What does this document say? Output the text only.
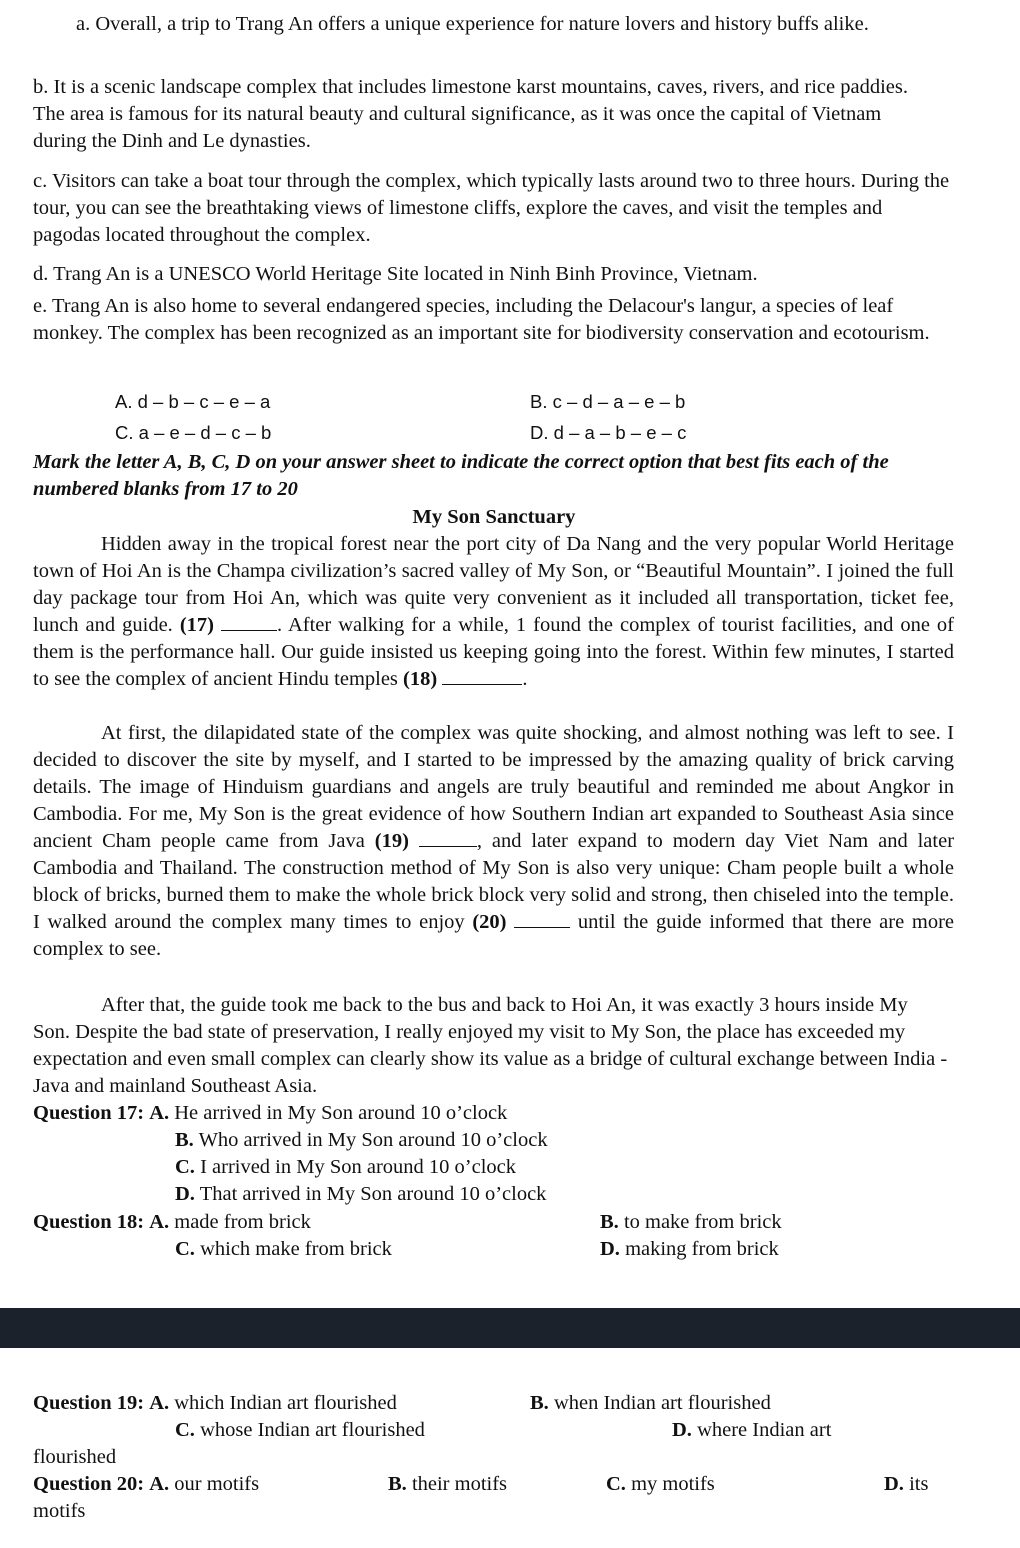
a. Overall, a trip to Trang An offers a unique experience for nature lovers and history buffs alike.
b. It is a scenic landscape complex that includes limestone karst mountains, caves, rivers, and rice paddies. The area is famous for its natural beauty and cultural significance, as it was once the capital of Vietnam during the Dinh and Le dynasties.
c. Visitors can take a boat tour through the complex, which typically lasts around two to three hours. During the tour, you can see the breathtaking views of limestone cliffs, explore the caves, and visit the temples and pagodas located throughout the complex.
d. Trang An is a UNESCO World Heritage Site located in Ninh Binh Province, Vietnam.
e. Trang An is also home to several endangered species, including the Delacour's langur, a species of leaf monkey. The complex has been recognized as an important site for biodiversity conservation and ecotourism.
A. d – b – c – e – a	B. c – d – a – e – b
C. a – e – d – c – b	D. d – a – b – e – c
Mark the letter A, B, C, D on your answer sheet to indicate the correct option that best fits each of the numbered blanks from 17 to 20
My Son Sanctuary
Hidden away in the tropical forest near the port city of Da Nang and the very popular World Heritage town of Hoi An is the Champa civilization’s sacred valley of My Son, or “Beautiful Mountain”. I joined the full day package tour from Hoi An, which was quite very convenient as it included all transportation, ticket fee, lunch and guide. (17)	. After walking for a while, 1 found the complex of tourist facilities, and one of them is the performance hall. Our guide insisted us keeping going into the forest. Within few minutes, I started to see the complex of ancient Hindu temples (18)	.
At first, the dilapidated state of the complex was quite shocking, and almost nothing was left to see. I decided to discover the site by myself, and I started to be impressed by the amazing quality of brick carving details. The image of Hinduism guardians and angels are truly beautiful and reminded me about Angkor in Cambodia. For me, My Son is the great evidence of how Southern Indian art expanded to Southeast Asia since ancient Cham people came from Java (19)	, and later expand to modern day Viet Nam and later Cambodia and Thailand. The construction method of My Son is also very unique: Cham people built a whole block of bricks, burned them to make the whole brick block very solid and strong, then chiseled into the temple. I walked around the complex many times to enjoy (20)	until the guide informed that there are more complex to see.
After that, the guide took me back to the bus and back to Hoi An, it was exactly 3 hours inside My Son. Despite the bad state of preservation, I really enjoyed my visit to My Son, the place has exceeded my expectation and even small complex can clearly show its value as a bridge of cultural exchange between India - Java and mainland Southeast Asia.
Question 17: A. He arrived in My Son around 10 o’clock
B. Who arrived in My Son around 10 o’clock
C. I arrived in My Son around 10 o’clock
D. That arrived in My Son around 10 o’clock
Question 18: A. made from brick	B. to make from brick
C. which make from brick	D. making from brick
Question 19: A. which Indian art flourished	B. when Indian art flourished
C. whose Indian art flourished	D. where Indian art
flourished
Question 20: A. our motifs	B. their motifs	C. my motifs	D. its
motifs
